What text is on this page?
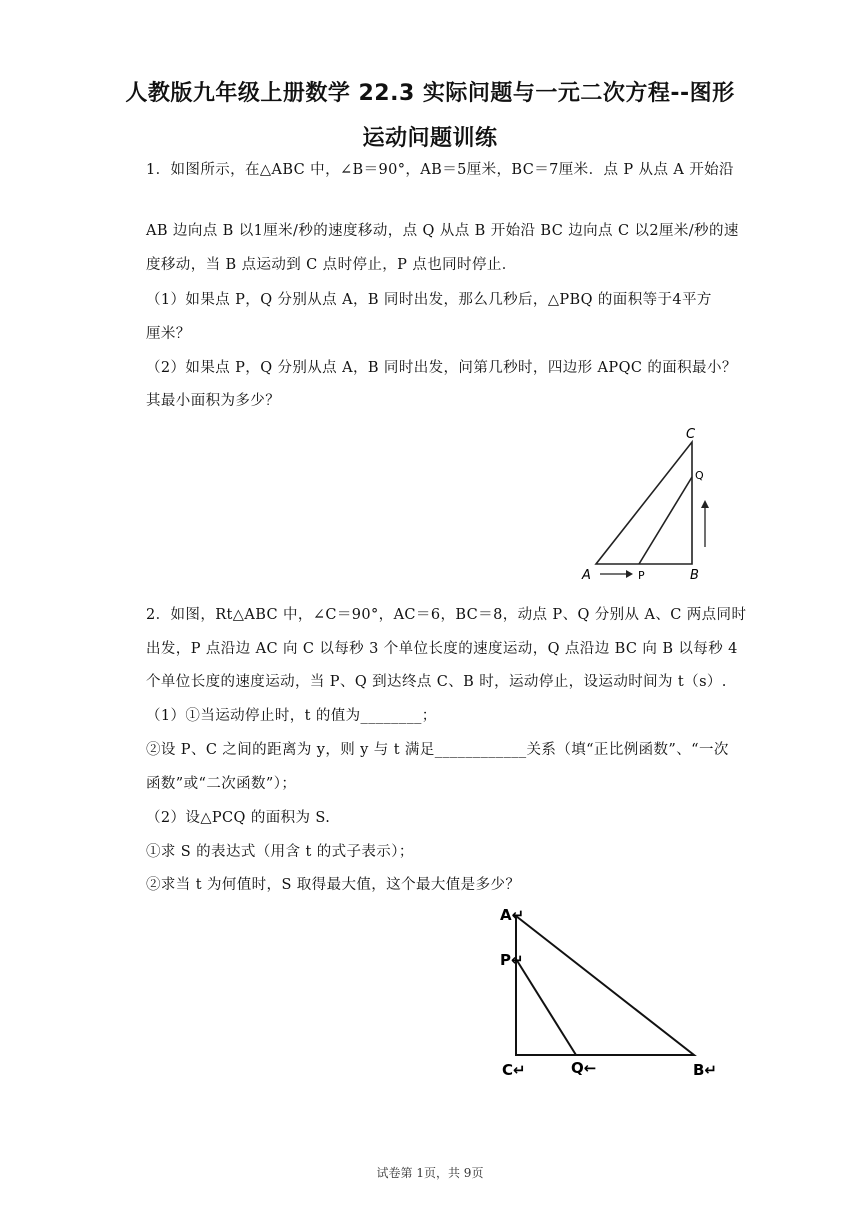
人教版九年级上册数学 22.3 实际问题与一元二次方程--图形
运动问题训练
1．如图所示，在△ABC 中，∠B＝90°，AB＝5厘米，BC＝7厘米．点 P 从点 A 开始沿
AB 边向点 B 以1厘米/秒的速度移动，点 Q 从点 B 开始沿 BC 边向点 C 以2厘米/秒的速
度移动，当 B 点运动到 C 点时停止，P 点也同时停止．
（1）如果点 P，Q 分别从点 A，B 同时出发，那么几秒后，△PBQ 的面积等于4平方
厘米？
（2）如果点 P，Q 分别从点 A，B 同时出发，问第几秒时，四边形 APQC 的面积最小？
其最小面积为多少？
C
Q
A	P	B
2．如图，Rt△ABC 中，∠C＝90°，AC＝6，BC＝8，动点 P、Q 分别从 A、C 两点同时
出发，P 点沿边 AC 向 C 以每秒 3 个单位长度的速度运动，Q 点沿边 BC 向 B 以每秒 4
个单位长度的速度运动，当 P、Q 到达终点 C、B 时，运动停止，设运动时间为 t（s）.
（1）①当运动停止时，t 的值为________；
②设 P、C 之间的距离为 y，则 y 与 t 满足____________关系（填“正比例函数”、“一次
函数”或“二次函数”）；
（2）设△PCQ 的面积为 S.
①求 S 的表达式（用含 t 的式子表示）；
②求当 t 为何值时，S 取得最大值，这个最大值是多少？
A↵
P↵
C↵	Q←	B↵
试卷第 1页，共 9页
